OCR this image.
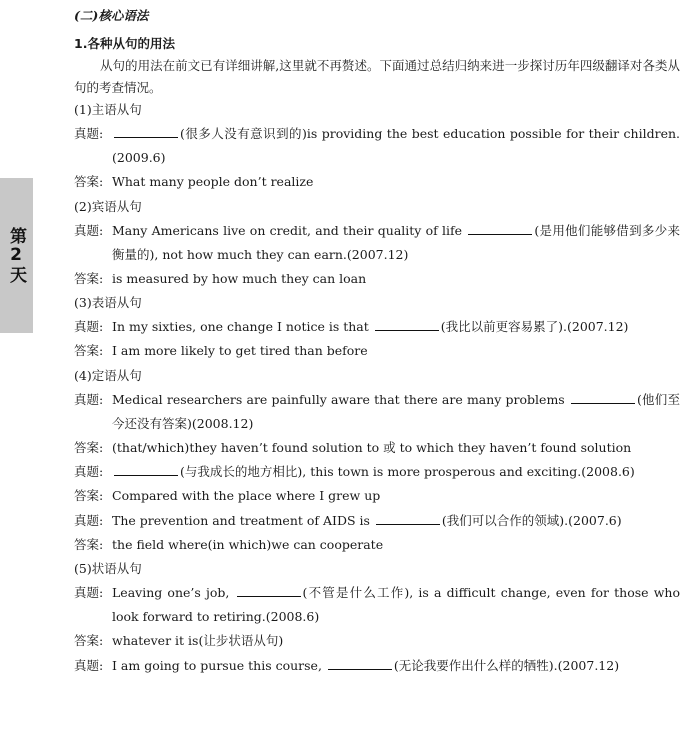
第2天
(二)核心语法
1.各种从句的用法
从句的用法在前文已有详细讲解,这里就不再赘述。下面通过总结归纳来进一步探讨历年四级翻译对各类从句的考查情况。
(1)主语从句
真题:	(很多人没有意识到的)is providing the best education possible for their children.(2009.6)
答案: What many people don’t realize
(2)宾语从句
真题: Many Americans live on credit, and their quality of life	(是用他们能够借到多少来衡量的), not how much they can earn.(2007.12)
答案: is measured by how much they can loan
(3)表语从句
真题: In my sixties, one change I notice is that	(我比以前更容易累了).(2007.12)
答案: I am more likely to get tired than before
(4)定语从句
真题: Medical researchers are painfully aware that there are many problems	(他们至今还没有答案)(2008.12)
答案: (that/which)they haven’t found solution to 或 to which they haven’t found solution
真题:	(与我成长的地方相比), this town is more prosperous and exciting.(2008.6)
答案: Compared with the place where I grew up
真题: The prevention and treatment of AIDS is	(我们可以合作的领域).(2007.6)
答案: the field where(in which)we can cooperate
(5)状语从句
真题: Leaving one’s job,	(不管是什么工作), is a difficult change, even for those who look forward to retiring.(2008.6)
答案: whatever it is(让步状语从句)
真题: I am going to pursue this course,	(无论我要作出什么样的牺牲).(2007.12)
